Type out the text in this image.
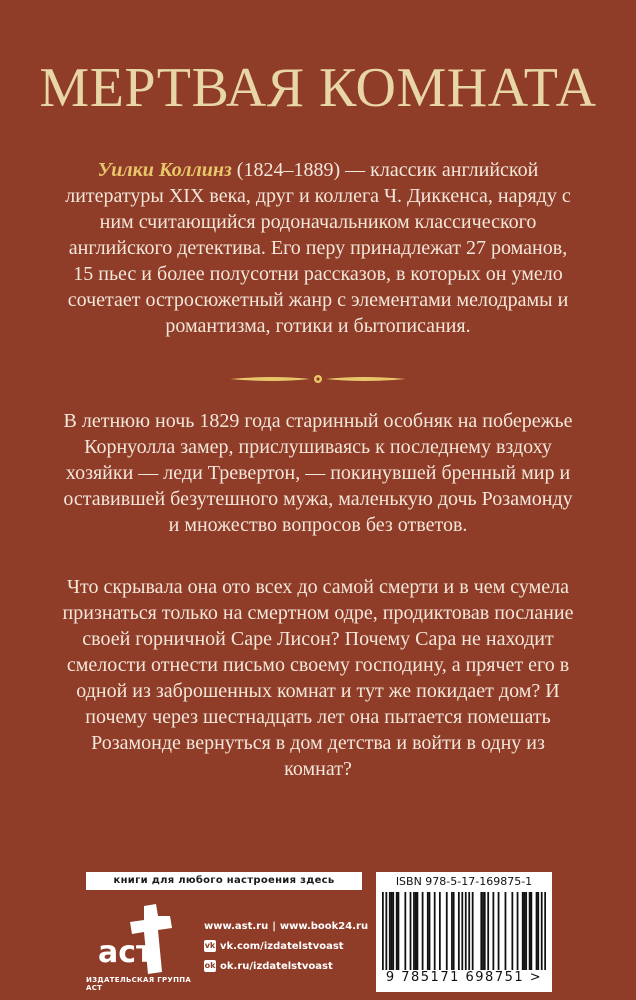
МЕРТВАЯ КОМНАТА
Уилки Коллинз (1824–1889) — классик английской литературы XIX века, друг и коллега Ч. Диккенса, наряду с ним считающийся родоначальником классического английского детектива. Его перу принадлежат 27 романов, 15 пьес и более полусотни рассказов, в которых он умело сочетает остросюжетный жанр с элементами мелодрамы и романтизма, готики и бытописания.
В летнюю ночь 1829 года старинный особняк на побережье Корнуолла замер, прислушиваясь к последнему вздоху хозяйки — леди Тревертон, — покинувшей бренный мир и оставившей безутешного мужа, маленькую дочь Розамонду и множество вопросов без ответов.
Что скрывала она ото всех до самой смерти и в чем сумела признаться только на смертном одре, продиктовав послание своей горничной Саре Лисон? Почему Сара не находит смелости отнести письмо своему господину, а прячет его в одной из заброшенных комнат и тут же покидает дом? И почему через шестнадцать лет она пытается помешать Розамонде вернуться в дом детства и войти в одну из комнат?
книги для любого настроения здесь
aст
ИЗДАТЕЛЬСКАЯ ГРУППА АСТ
www.ast.ru | www.book24.ru
vk vk.com/izdatelstvoast
ok ok.ru/izdatelstvoast
ISBN 978-5-17-169875-1
9 785171 698751 >
